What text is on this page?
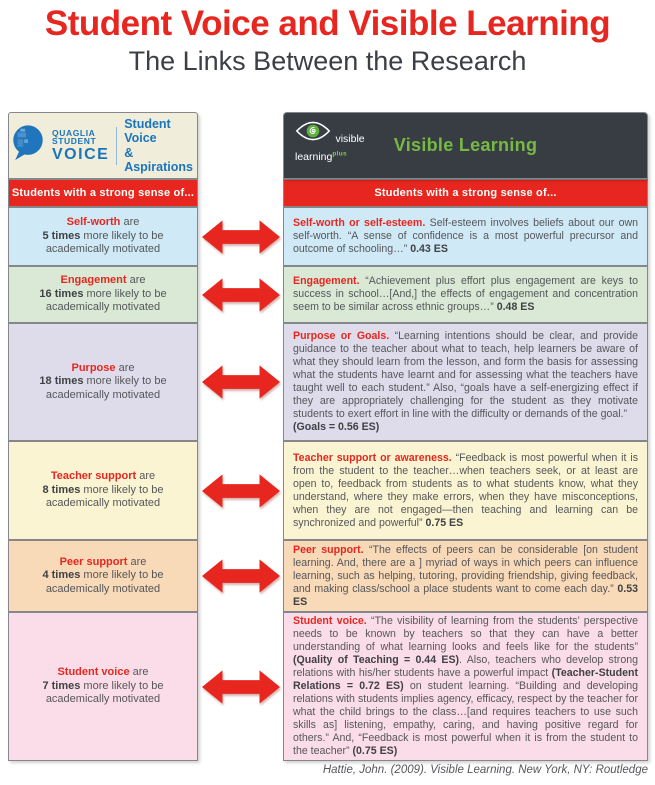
Student Voice and Visible Learning
The Links Between the Research
QUAGLIA
STUDENT
VOICE
Student Voice
& Aspirations
visible
learning$^{plus}$	Visible Learning
Students with a strong sense of...	Students with a strong sense of...
Self-worth are
5 times more likely to be
academically motivated
Self-worth or self-esteem. Self-esteem involves beliefs about our own self-worth. “A sense of confidence is a most powerful precursor and outcome of schooling…” 0.43 ES
Engagement are
16 times more likely to be
academically motivated
Engagement. “Achievement plus effort plus engagement are keys to success in school…[And,] the effects of engagement and concentration seem to be similar across ethnic groups…” 0.48 ES
Purpose are
18 times more likely to be
academically motivated
Purpose or Goals. “Learning intentions should be clear, and provide guidance to the teacher about what to teach, help learners be aware of what they should learn from the lesson, and form the basis for assessing what the students have learnt and for assessing what the teachers have taught well to each student.” Also, “goals have a self-energizing effect if they are appropriately challenging for the student as they motivate students to exert effort in line with the difficulty or demands of the goal.”
(Goals = 0.56 ES)
Teacher support are
8 times more likely to be
academically motivated
Teacher support or awareness. “Feedback is most powerful when it is from the student to the teacher…when teachers seek, or at least are open to, feedback from students as to what students know, what they understand, where they make errors, when they have misconceptions, when they are not engaged—then teaching and learning can be synchronized and powerful” 0.75 ES
Peer support are
4 times more likely to be
academically motivated
Peer support. “The effects of peers can be considerable [on student learning. And, there are a ] myriad of ways in which peers can influence learning, such as helping, tutoring, providing friendship, giving feedback, and making class/school a place students want to come each day.” 0.53 ES
Student voice are
7 times more likely to be
academically motivated
Student voice. “The visibility of learning from the students’ perspective needs to be known by teachers so that they can have a better understanding of what learning looks and feels like for the students” (Quality of Teaching = 0.44 ES). Also, teachers who develop strong relations with his/her students have a powerful impact (Teacher-Student Relations = 0.72 ES) on student learning. “Building and developing relations with students implies agency, efficacy, respect by the teacher for what the child brings to the class…[and requires teachers to use such skills as] listening, empathy, caring, and having positive regard for others.” And, “Feedback is most powerful when it is from the student to the teacher” (0.75 ES)
Hattie, John. (2009). Visible Learning. New York, NY: Routledge
